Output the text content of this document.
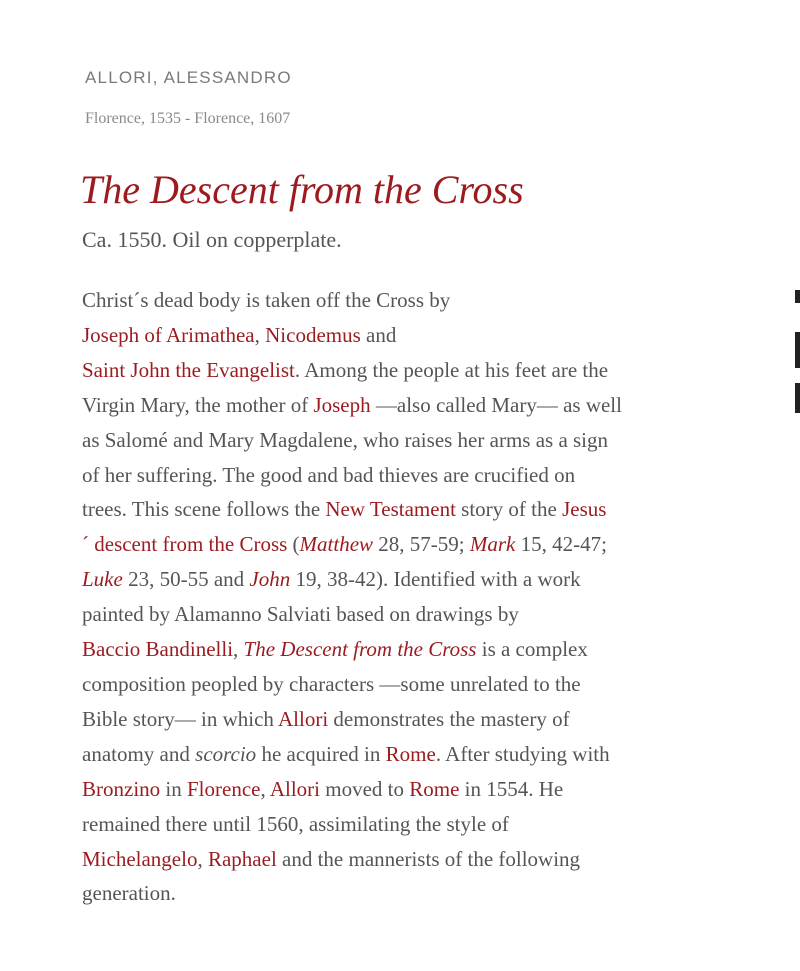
ALLORI, ALESSANDRO
Florence, 1535 - Florence, 1607
The Descent from the Cross
Ca. 1550. Oil on copperplate.

Christ´s dead body is taken off the Cross by
Joseph of Arimathea, Nicodemus and
Saint John the Evangelist. Among the people at his feet are the
Virgin Mary, the mother of Joseph —also called Mary— as well
as Salomé and Mary Magdalene, who raises her arms as a sign
of her suffering. The good and bad thieves are crucified on
trees. This scene follows the New Testament story of the Jesus
´ descent from the Cross (Matthew 28, 57-59; Mark 15, 42-47;
Luke 23, 50-55 and John 19, 38-42). Identified with a work
painted by Alamanno Salviati based on drawings by
Baccio Bandinelli, The Descent from the Cross is a complex
composition peopled by characters —some unrelated to the
Bible story— in which Allori demonstrates the mastery of
anatomy and scorcio he acquired in Rome. After studying with
Bronzino in Florence, Allori moved to Rome in 1554. He
remained there until 1560, assimilating the style of
Michelangelo, Raphael and the mannerists of the following
generation.
